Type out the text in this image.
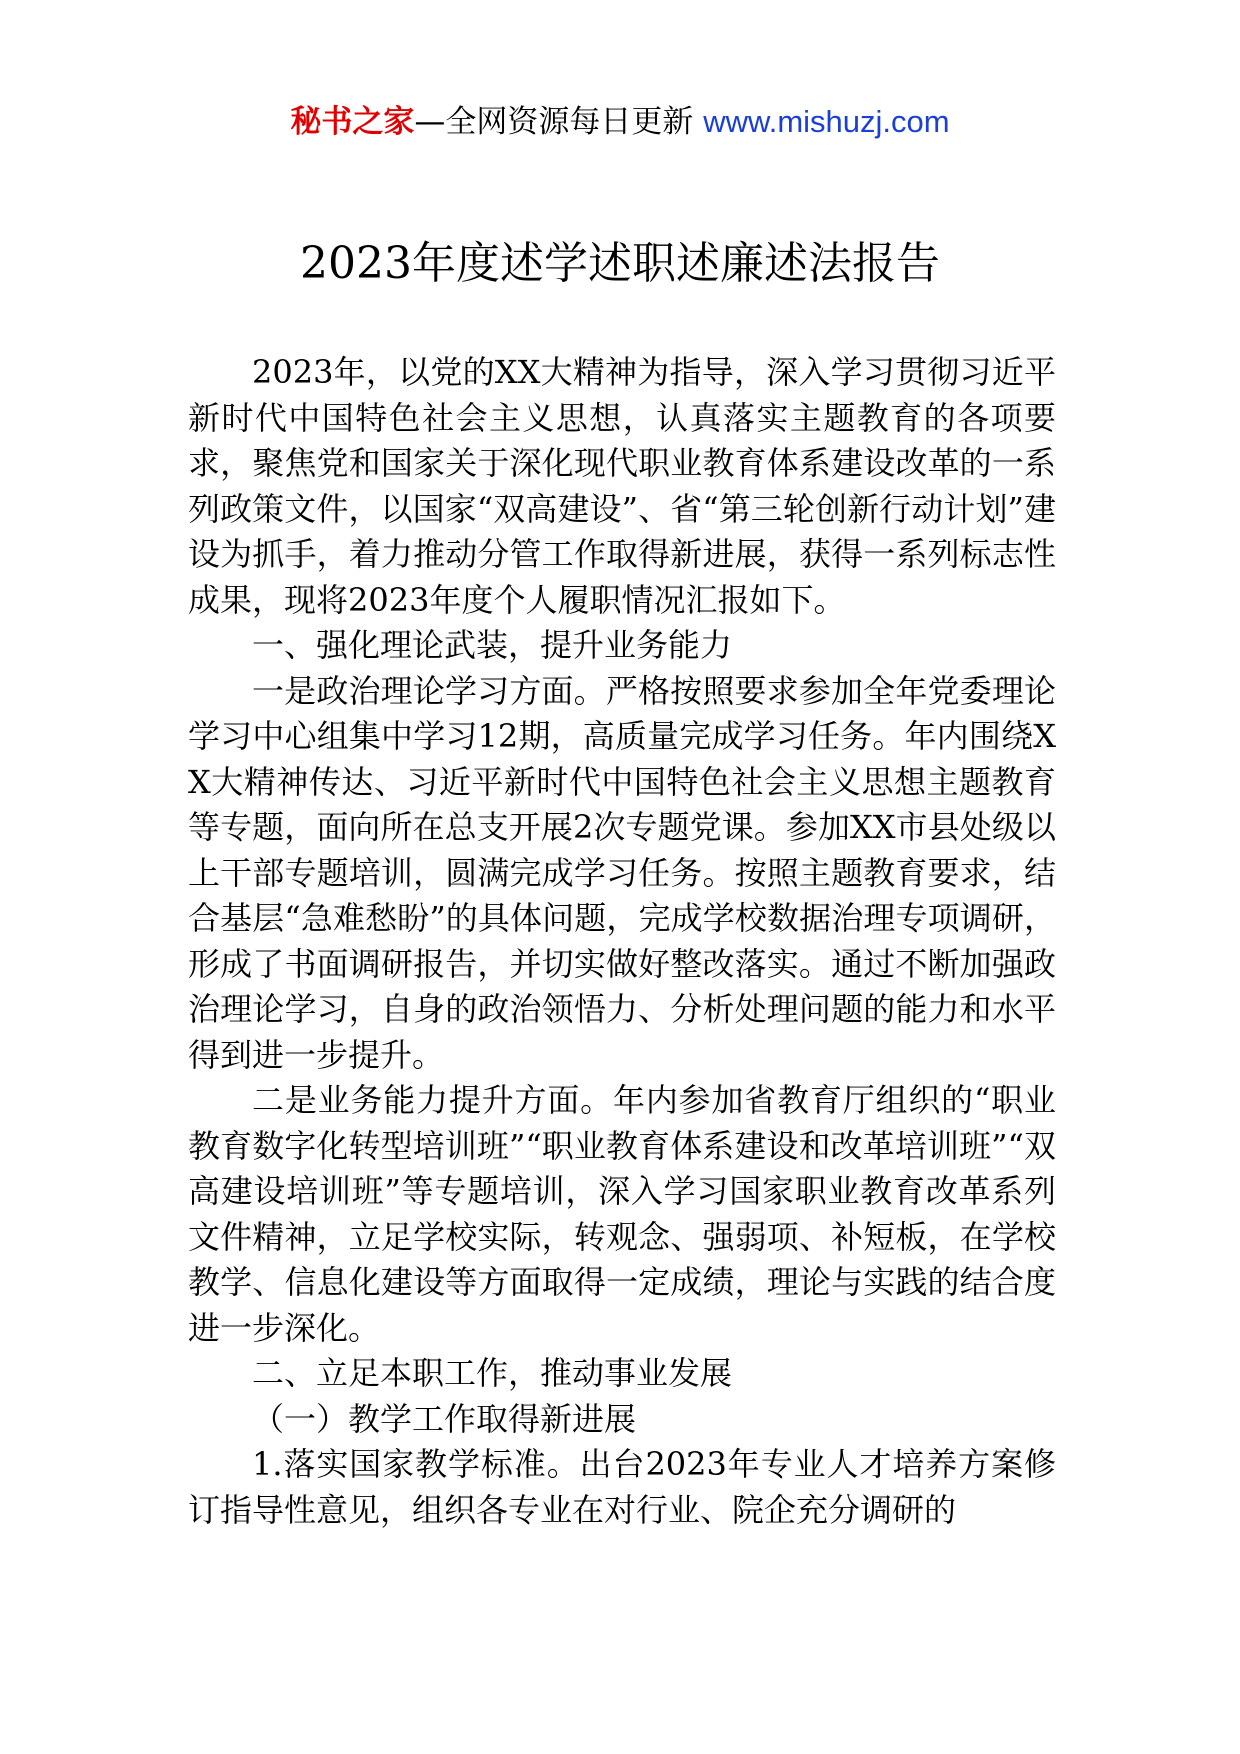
秘书之家—全网资源每日更新 www.mishuzj.com
2023年度述学述职述廉述法报告

2023年，以党的XX大精神为指导，深入学习贯彻习近平新时代中国特色社会主义思想，认真落实主题教育的各项要求，聚焦党和国家关于深化现代职业教育体系建设改革的一系列政策文件，以国家“双高建设”、省“第三轮创新行动计划”建设为抓手，着力推动分管工作取得新进展，获得一系列标志性成果，现将2023年度个人履职情况汇报如下。

一、强化理论武装，提升业务能力

一是政治理论学习方面。严格按照要求参加全年党委理论学习中心组集中学习12期，高质量完成学习任务。年内围绕XX大精神传达、习近平新时代中国特色社会主义思想主题教育等专题，面向所在总支开展2次专题党课。参加XX市县处级以上干部专题培训，圆满完成学习任务。按照主题教育要求，结合基层“急难愁盼”的具体问题，完成学校数据治理专项调研，形成了书面调研报告，并切实做好整改落实。通过不断加强政治理论学习，自身的政治领悟力、分析处理问题的能力和水平得到进一步提升。

二是业务能力提升方面。年内参加省教育厅组织的“职业教育数字化转型培训班”“职业教育体系建设和改革培训班”“双高建设培训班”等专题培训，深入学习国家职业教育改革系列文件精神，立足学校实际，转观念、强弱项、补短板，在学校教学、信息化建设等方面取得一定成绩，理论与实践的结合度进一步深化。

二、立足本职工作，推动事业发展

（一）教学工作取得新进展

1.落实国家教学标准。出台2023年专业人才培养方案修订指导性意见，组织各专业在对行业、院企充分调研的
